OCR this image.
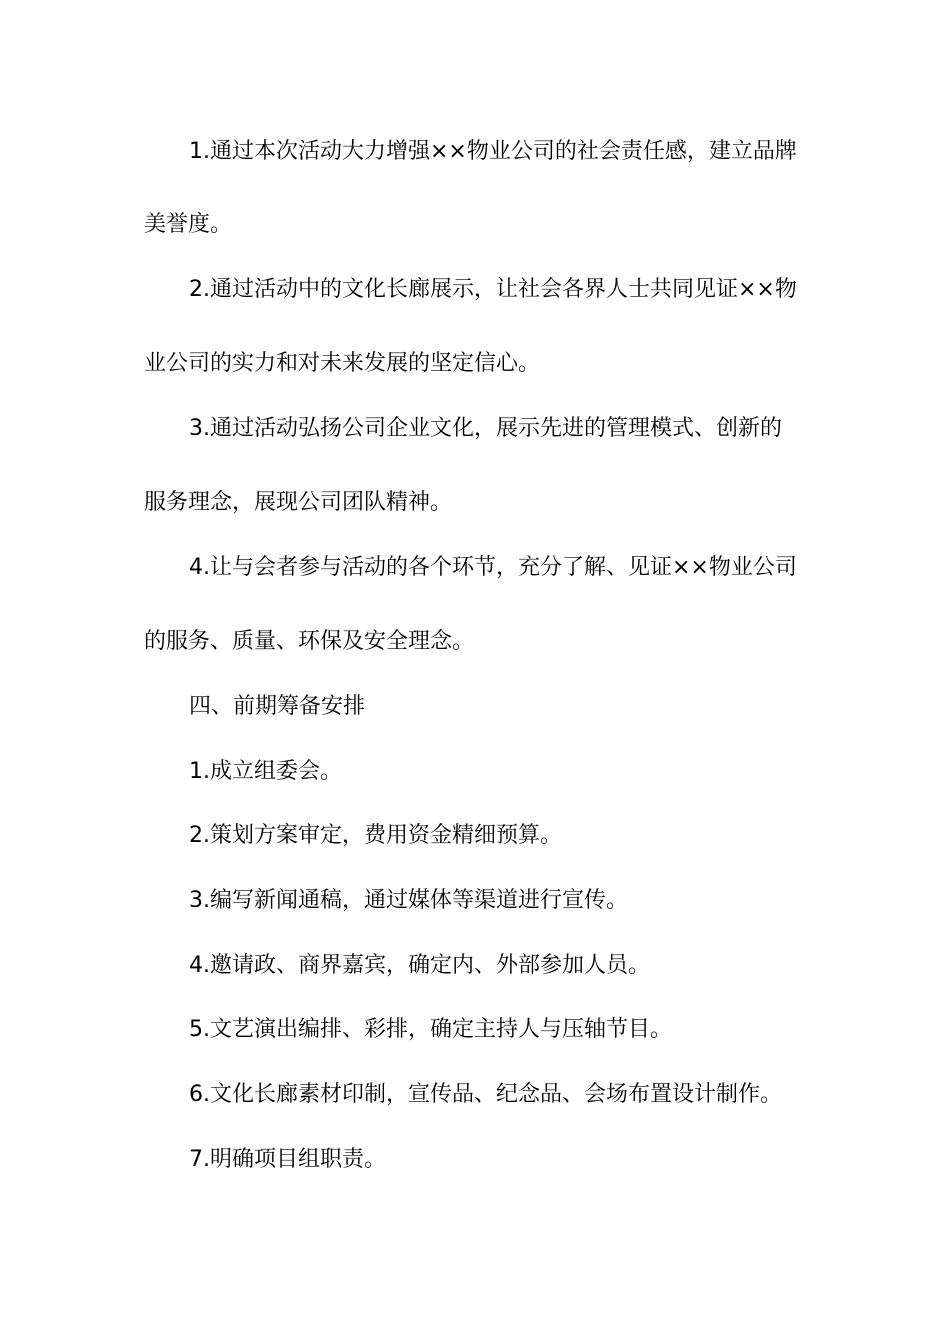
1.通过本次活动大力增强××物业公司的社会责任感，建立品牌
美誉度。
2.通过活动中的文化长廊展示，让社会各界人士共同见证××物
业公司的实力和对未来发展的坚定信心。
3.通过活动弘扬公司企业文化，展示先进的管理模式、创新的
服务理念，展现公司团队精神。
4.让与会者参与活动的各个环节，充分了解、见证××物业公司
的服务、质量、环保及安全理念。
四、前期筹备安排
1.成立组委会。
2.策划方案审定，费用资金精细预算。
3.编写新闻通稿，通过媒体等渠道进行宣传。
4.邀请政、商界嘉宾，确定内、外部参加人员。
5.文艺演出编排、彩排，确定主持人与压轴节目。
6.文化长廊素材印制，宣传品、纪念品、会场布置设计制作。
7.明确项目组职责。
